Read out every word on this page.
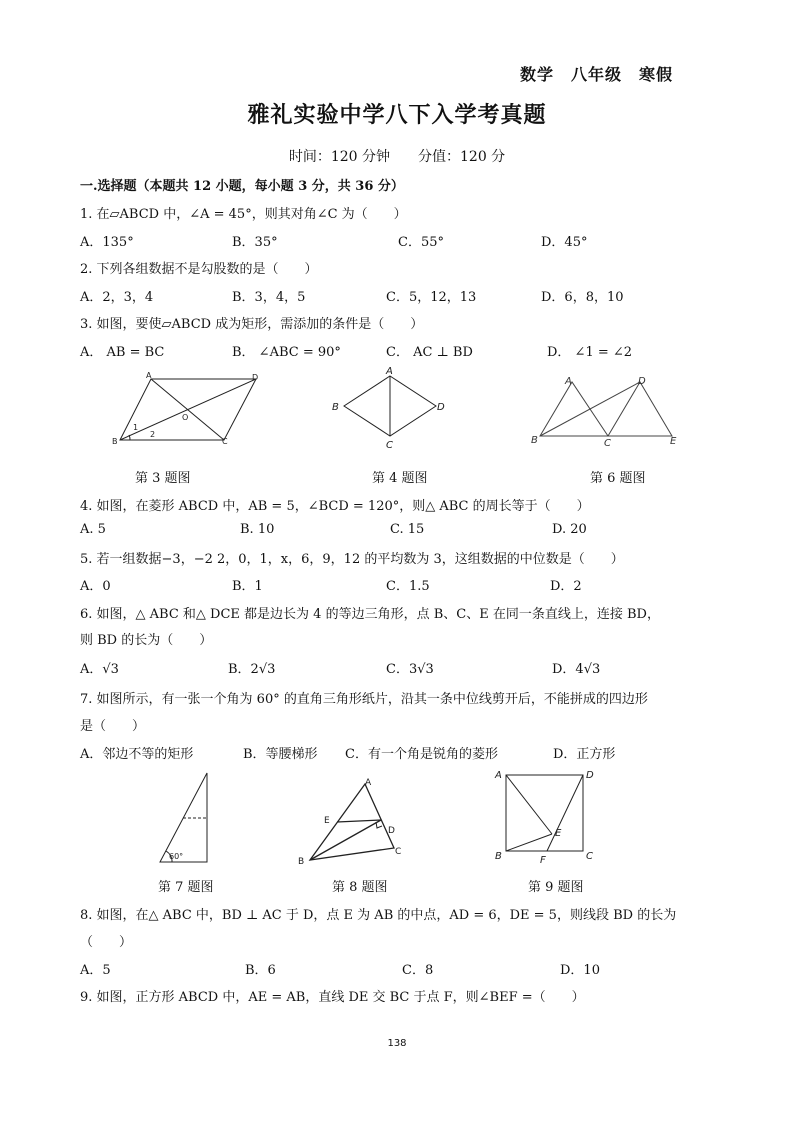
数学　八年级　寒假
雅礼实验中学八下入学考真题
时间：120 分钟　　分值：120 分
一.选择题（本题共 12 小题，每小题 3 分，共 36 分）
1. 在▱ABCD 中，∠A = 45°，则其对角∠C 为（　　）
A．135°	B．35°	C．55°	D．45°
2. 下列各组数据不是勾股数的是（　　）
A．2，3，4	B．3，4，5	C．5，12，13	D．6，8，10
3. 如图，要使▱ABCD 成为矩形，需添加的条件是（　　）
A． AB = BC	B． ∠ABC = 90°	C． AC ⊥ BD	D． ∠1 = ∠2
A	D
O
1
2
B	C
A
B	D
C
A	D
B	C	E
第 3 题图	第 4 题图	第 6 题图
4. 如图，在菱形 ABCD 中，AB = 5，∠BCD = 120°，则△ ABC 的周长等于（　　）
A. 5	B. 10	C. 15	D. 20
5. 若一组数据−3，−2 2，0，1，x，6，9，12 的平均数为 3，这组数据的中位数是（　　）
A．0	B．1	C．1.5	D．2
6. 如图，△ ABC 和△ DCE 都是边长为 4 的等边三角形，点 B、C、E 在同一条直线上，连接 BD，
则 BD 的长为（　　）
A．√3	B．2√3	C．3√3	D．4√3
7. 如图所示，有一张一个角为 60° 的直角三角形纸片，沿其一条中位线剪开后，不能拼成的四边形
是（　　）
A．邻边不等的矩形	B．等腰梯形 C．有一个角是锐角的菱形	D．正方形
60°
A
E
D
C
B
A	D
E
B	F	C
第 7 题图	第 8 题图	第 9 题图
8. 如图，在△ ABC 中，BD ⊥ AC 于 D，点 E 为 AB 的中点，AD = 6，DE = 5，则线段 BD 的长为
（　　）
A．5	B．6	C．8	D．10
9. 如图，正方形 ABCD 中，AE = AB，直线 DE 交 BC 于点 F，则∠BEF =（　　）
138
